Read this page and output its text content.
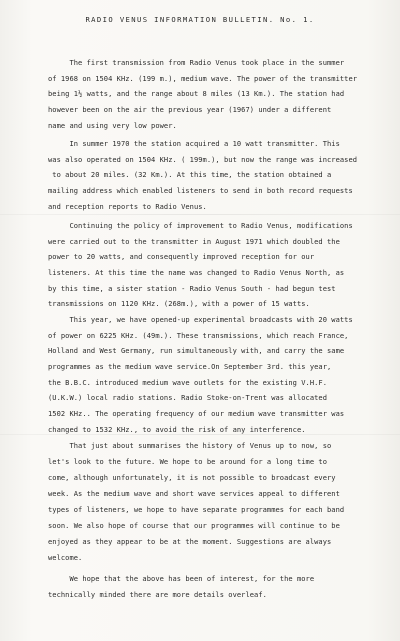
RADIO VENUS INFORMATION BULLETIN. No. 1.
The first transmission from Radio Venus took place in the summer
of 1968 on 1504 KHz. (199 m.), medium wave. The power of the transmitter
being 1½ watts, and the range about 8 miles (13 Km.). The station had
however been on the air the previous year (1967) under a different
name and using very low power.
In summer 1970 the station acquired a 10 watt transmitter. This
was also operated on 1504 KHz. ( 199m.), but now the range was increased
to about 20 miles. (32 Km.). At this time, the station obtained a
mailing address which enabled listeners to send in both record requests
and reception reports to Radio Venus.
Continuing the policy of improvement to Radio Venus, modifications
were carried out to the transmitter in August 1971 which doubled the
power to 20 watts, and consequently improved reception for our
listeners. At this time the name was changed to Radio Venus North, as
by this time, a sister station - Radio Venus South - had begun test
transmissions on 1120 KHz. (268m.), with a power of 15 watts.
This year, we have opened-up experimental broadcasts with 20 watts
of power on 6225 KHz. (49m.). These transmissions, which reach France,
Holland and West Germany, run simultaneously with, and carry the same
programmes as the medium wave service.On September 3rd. this year,
the B.B.C. introduced medium wave outlets for the existing V.H.F.
(U.K.W.) local radio stations. Radio Stoke-on-Trent was allocated
1502 KHz.. The operating frequency of our medium wave transmitter was
changed to 1532 KHz., to avoid the risk of any interference.
That just about summarises the history of Venus up to now, so
let's look to the future. We hope to be around for a long time to
come, although unfortunately, it is not possible to broadcast every
week. As the medium wave and short wave services appeal to different
types of listeners, we hope to have separate programmes for each band
soon. We also hope of course that our programmes will continue to be
enjoyed as they appear to be at the moment. Suggestions are always
welcome.
We hope that the above has been of interest, for the more
technically minded there are more details overleaf.
